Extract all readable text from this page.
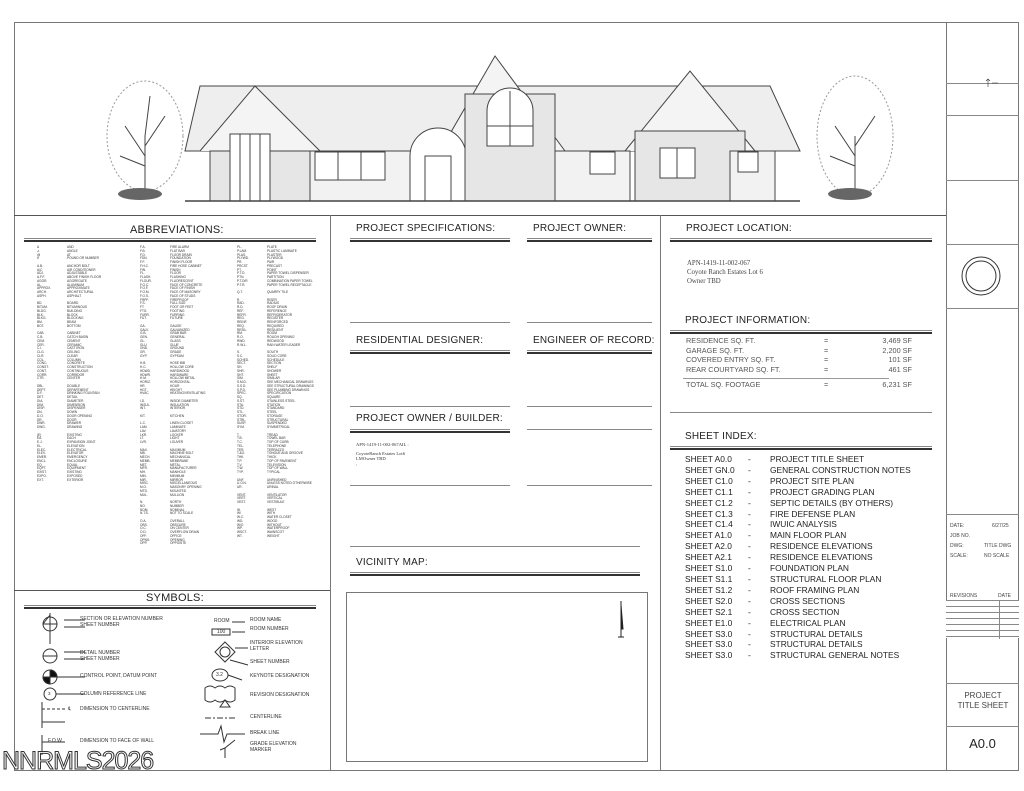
ABBREVIATIONS:
&	AND
∠	ANGLE
@	AT
#	POUND OR NUMBER
A.B.	ANCHOR BOLT
A/C	AIR CONDITIONER
ADJ.	ADJUSTABLE
A.F.F.	ABOVE FINISH FLOOR
AGGR.	AGGREGATE
AL.	ALUMINUM
APPROX.	APPROXIMATE
ARCH.	ARCHITECTURAL
ASPH.	ASPHALT
BD.	BOARD
BITUM.	BITUMINOUS
BLDG.	BUILDING
BLK.	BLOCK
BLKG.	BLOCKING
BM.	BEAM
BOT.	BOTTOM
CAB.	CABINET
C.B.	CATCH BASIN
CEM.	CEMENT
CER.	CERAMIC
C.I.	CAST IRON
CLG.	CEILING
CLR.	CLEAR
COL.	COLUMN
CONC.	CONCRETE
CONST.	CONSTRUCTION
CONT.	CONTINUOUS
CORR.	CORRIDOR
CTR.	CENTER
DBL.	DOUBLE
DEPT.	DEPARTMENT
D.F.	DRINKING FOUNTAIN
DET.	DETAIL
DIA.	DIAMETER
DIM.	DIMENSION
DISP.	DISPENSER
DN.	DOWN
D.O.	DOOR OPENING
DR.	DOOR
DWR.	DRAWER
DWG.	DRAWING
(E)	EXISTING
EA.	EACH
E.J.	EXPANSION JOINT
EL.	ELEVATION
ELEC.	ELECTRICAL
ELEV.	ELEVATOR
EMER.	EMERGENCY
ENCL.	ENCLOSURE
EQ.	EQUAL
EQPT.	EQUIPMENT
EXIST.	EXISTING
EXPO.	EXPOSED
EXT.	EXTERIOR
F.A.	FIRE ALARM
F.B.	FLAT BAR
F.D.	FLOOR DRAIN
FDN.	FOUNDATION
F.F.	FINISH FLOOR
F.H.C.	FIRE HOSE CABINET
FIN.	FINISH
FL.	FLOOR
FLASH.	FLASHING
FLOUR.	FLUORESCENT
F.O.C.	FACE OF CONCRETE
F.O.F.	FACE OF FINISH
F.O.M.	FACE OF MASONRY
F.O.S.	FACE OF STUDS
FRPF.	FIREPROOF
F.S.	FULL SIZE
FT.	FOOT OR FEET
FTG.	FOOTING
FURR.	FURRING
FUT.	FUTURE
GA.	GAUGE
GALV.	GALVANIZED
G.B.	GRAB BAR
GEN.	GENERAL
GL.	GLASS
GLU.	GLUE
GND.	GROUND
GR.	GRADE
GYP.	GYPSUM
H.B.	HOSE BIB
H.C.	HOLLOW CORE
HDWD.	HARDWOOD
HDWR.	HARDWARE
H.M.	HOLLOW METAL
HORIZ.	HORIZONTAL
HR.	HOUR
HGT.	HEIGHT
HVAC	HEATING/VENTILATING
I.D.	INSIDE DIAMETER
INSUL.	INSULATION
INT.	INTERIOR
KIT.	KITCHEN
L.C.	LINEN CLOSET
LAM.	LAMINATE
LAV.	LAVATORY
LKR.	LOCKER
LT.	LIGHT
LVR.	LOUVER
MAX.	MAXIMUM
MB.	MACHINE BOLT
MECH.	MECHANICAL
MEMB.	MEMBRANE
MET.	METAL
MFR.	MANUFACTURER
MH.	MANHOLE
MIN.	MINIMUM
MIR.	MIRROR
MISC.	MISCELLANEOUS
M.O.	MASONRY OPENING
MTD.	MOUNTED
MUL.	MULLION
N.	NORTH
NO.	NUMBER
NOM.	NOMINAL
N.T.S.	NOT TO SCALE
O.A.	OVERALL
OBS.	OBSCURE
O.C.	ON CENTER
O.D.	OVERFLOW DRAIN
OFF.	OFFICE
OPNG.	OPENING
OPP.	OPPOSITE
PL.	PLATE
P.LAM.	PLASTIC LAMINATE
PLAS.	PLASTER
PLYWD.	PLYWOOD
PR.	PAIR
PRCST.	PRECAST
PT.	POINT
P.T.D.	PAPER TOWEL DISPENSER
PTN.	PARTITION
P.T.D/R	COMBINATION PAPER TOWEL
P.T.R.	PAPER TOWEL RECEPTACLE
Q.T.	QUARRY TILE
R.	RISER
RAD.	RADIUS
R.D.	ROOF DRAIN
REF.	REFERENCE
REFR.	REFRIGERATOR
REG.	REGISTER
REINF.	REINFORCED
REQ.	REQUIRED
RESIL.	RESILIENT
RM.	ROOM
R.O.	ROUGH OPENING
RWD.	REDWOOD
R.W.L.	RAIN WATER LEADER
S.	SOUTH
S.C.	SOLID CORE
SCHED.	SCHEDULE
SECT.	SECTION
SH.	SHELF
SHR.	SHOWER
SHT.	SHEET
SIM.	SIMILAR
S.M.D.	SEE MECHANICAL DRAWINGS
S.S.D.	SEE STRUCTURAL DRAWINGS
S.P.D.	SEE PLUMBING DRAWINGS
SPEC.	SPECIFICATION
SQ.	SQUARE
S.ST.	STAINLESS STEEL
STA.	STATION
STD.	STANDARD
STL.	STEEL
STOR.	STORAGE
STRL.	STRUCTURAL
SUSP.	SUSPENDED
SYM.	SYMMETRICAL
T.	TREAD
T.B.	TOWEL BAR
T.C.	TOP OF CURB
TEL.	TELEPHONE
TER.	TERRAZZO
T.&G.	TONGUE AND GROOVE
THK.	THICK
T.P.	TOP OF PAVEMENT
T.V.	TELEVISION
T.W.	TOP OF WALL
TYP.	TYPICAL
UNF.	UNFINISHED
U.O.N.	UNLESS NOTED OTHERWISE
UR.	URINAL
VENT.	VENTILATOR
VERT.	VERTICAL
VEST.	VESTIBULE
W.	WEST
W/	WITH
W.C.	WATER CLOSET
WD.	WOOD
W/O	WITHOUT
WP.	WATERPROOF
WSCT.	WAINSCOT
WT.	WEIGHT
SYMBOLS:
3
SECTION OR ELEVATION NUMBER
SHEET NUMBER
DETAIL NUMBER
SHEET NUMBER
CONTROL POINT, DATUM POINT
COLUMN REFERENCE LINE
℄ DIMENSION TO CENTERLINE
F.O.W.	DIMENSION TO FACE OF WALL
ROOM
100
ROOM NAME
ROOM NUMBER
INTERIOR ELEVATION LETTER
SHEET NUMBER
3.2	KEYNOTE DESIGNATION
REVISION DESIGNATION
CENTERLINE
BREAK LINE
GRADE ELEVATION MARKER
PROJECT SPECIFICATIONS:	PROJECT OWNER:
RESIDENTIAL DESIGNER:	ENGINEER OF RECORD:
PROJECT OWNER / BUILDER:
APN-1419-11-002-067AIL :
CoyoteRanch Estates Lot6
LMOwner TBD
:
VICINITY MAP:
PROJECT LOCATION:
APN-1419-11-002-067
Coyote Ranch Estates Lot 6
Owner TBD
PROJECT INFORMATION:
RESIDENCE SQ. FT.	=	3,469 SF
GARAGE SQ. FT.	=	2,200 SF
COVERED ENTRY SQ. FT.	=	101 SF
REAR COURTYARD SQ. FT.	=	461 SF
TOTAL SQ. FOOTAGE	=	6,231 SF
SHEET INDEX:
SHEET A0.0	-	PROJECT TITLE SHEET
SHEET GN.0	-	GENERAL CONSTRUCTION NOTES
SHEET C1.0	-	PROJECT SITE PLAN
SHEET C1.1	-	PROJECT GRADING PLAN
SHEET C1.2	-	SEPTIC DETAILS (BY OTHERS)
SHEET C1.3	-	FIRE DEFENSE PLAN
SHEET C1.4	-	IWUIC ANALYSIS
SHEET A1.0	-	MAIN FLOOR PLAN
SHEET A2.0	-	RESIDENCE ELEVATIONS
SHEET A2.1	-	RESIDENCE ELEVATIONS
SHEET S1.0	-	FOUNDATION PLAN
SHEET S1.1	-	STRUCTURAL FLOOR PLAN
SHEET S1.2	-	ROOF FRAMING PLAN
SHEET S2.0	-	CROSS SECTIONS
SHEET S2.1	-	CROSS SECTION
SHEET E1.0	-	ELECTRICAL PLAN
SHEET S3.0	-	STRUCTURAL DETAILS
SHEET S3.0	-	STRUCTURAL DETAILS
SHEET S3.0	-	STRUCTURAL GENERAL NOTES
DATE:	6/27/25
JOB NO.
DWG:	TITLE DWG
SCALE:	NO SCALE
REVISIONS	DATE
PROJECT TITLE SHEET
A0.0
NNRMLS2026
